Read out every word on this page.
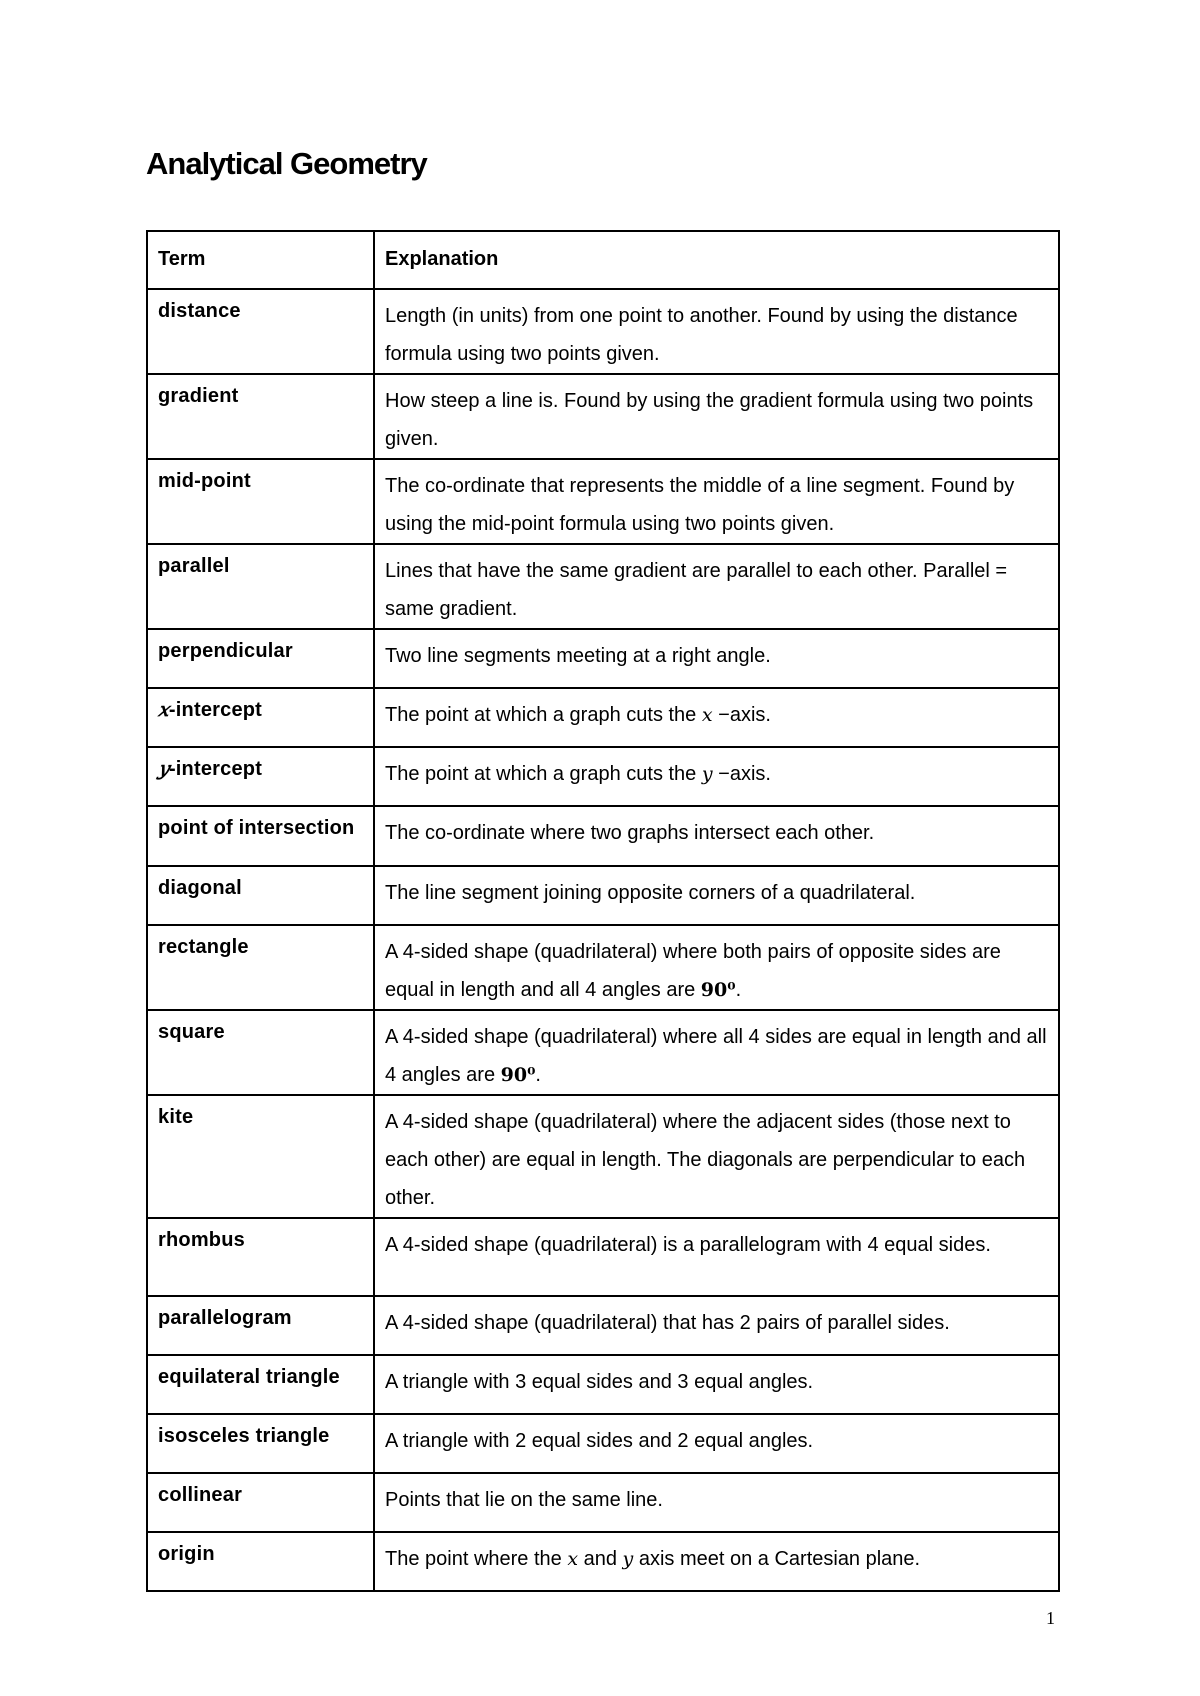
Analytical Geometry
Term	Explanation
distance	Length (in units) from one point to another. Found by using the distance formula using two points given.
gradient	How steep a line is. Found by using the gradient formula using two points given.
mid-point	The co-ordinate that represents the middle of a line segment. Found by using the mid-point formula using two points given.
parallel	Lines that have the same gradient are parallel to each other. Parallel = same gradient.
perpendicular	Two line segments meeting at a right angle.
𝑥-intercept	The point at which a graph cuts the 𝑥 −axis.
𝑦-intercept	The point at which a graph cuts the 𝑦 −axis.
point of intersection	The co-ordinate where two graphs intersect each other.
diagonal	The line segment joining opposite corners of a quadrilateral.
rectangle	A 4-sided shape (quadrilateral) where both pairs of opposite sides are equal in length and all 4 angles are 90⁰.
square	A 4-sided shape (quadrilateral) where all 4 sides are equal in length and all 4 angles are 90⁰.
kite	A 4-sided shape (quadrilateral) where the adjacent sides (those next to each other) are equal in length. The diagonals are perpendicular to each other.
rhombus	A 4-sided shape (quadrilateral) is a parallelogram with 4 equal sides.
parallelogram	A 4-sided shape (quadrilateral) that has 2 pairs of parallel sides.
equilateral triangle	A triangle with 3 equal sides and 3 equal angles.
isosceles triangle	A triangle with 2 equal sides and 2 equal angles.
collinear	Points that lie on the same line.
origin	The point where the 𝑥 and 𝑦 axis meet on a Cartesian plane.
1
